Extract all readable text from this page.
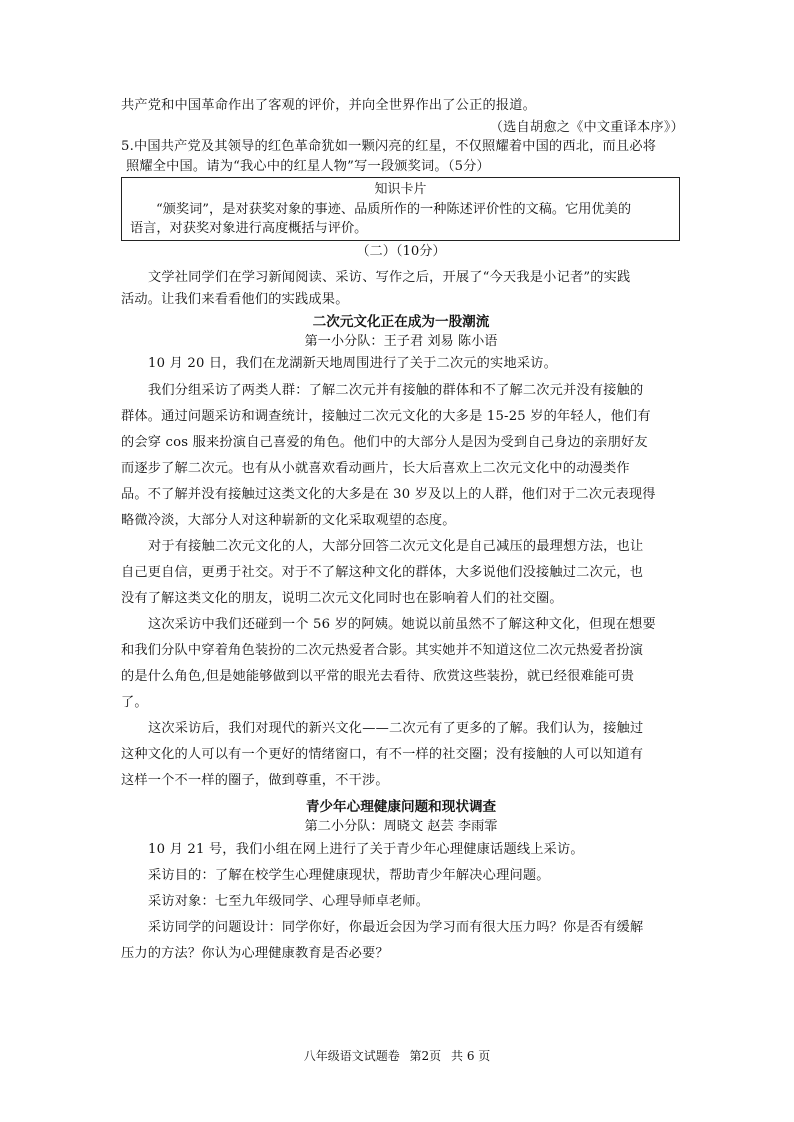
共产党和中国革命作出了客观的评价，并向全世界作出了公正的报道。
（选自胡愈之《中文重译本序》）
5.中国共产党及其领导的红色革命犹如一颗闪亮的红星，不仅照耀着中国的西北，而且必将
照耀全中国。请为“我心中的红星人物”写一段颁奖词。（5分）
知识卡片
“颁奖词”，是对获奖对象的事迹、品质所作的一种陈述评价性的文稿。它用优美的
语言，对获奖对象进行高度概括与评价。
（二）（10分）
文学社同学们在学习新闻阅读、采访、写作之后，开展了“今天我是小记者”的实践
活动。让我们来看看他们的实践成果。
二次元文化正在成为一股潮流
第一小分队：王子君 刘易 陈小语
10 月 20 日，我们在龙湖新天地周围进行了关于二次元的实地采访。
我们分组采访了两类人群：了解二次元并有接触的群体和不了解二次元并没有接触的
群体。通过问题采访和调查统计，接触过二次元文化的大多是 15-25 岁的年轻人，他们有
的会穿 cos 服来扮演自己喜爱的角色。他们中的大部分人是因为受到自己身边的亲朋好友
而逐步了解二次元。也有从小就喜欢看动画片，长大后喜欢上二次元文化中的动漫类作
品。不了解并没有接触过这类文化的大多是在 30 岁及以上的人群，他们对于二次元表现得
略微冷淡，大部分人对这种崭新的文化采取观望的态度。
对于有接触二次元文化的人，大部分回答二次元文化是自己减压的最理想方法，也让
自己更自信，更勇于社交。对于不了解这种文化的群体，大多说他们没接触过二次元，也
没有了解这类文化的朋友，说明二次元文化同时也在影响着人们的社交圈。
这次采访中我们还碰到一个 56 岁的阿姨。她说以前虽然不了解这种文化，但现在想要
和我们分队中穿着角色装扮的二次元热爱者合影。其实她并不知道这位二次元热爱者扮演
的是什么角色,但是她能够做到以平常的眼光去看待、欣赏这些装扮，就已经很难能可贵
了。
这次采访后，我们对现代的新兴文化——二次元有了更多的了解。我们认为，接触过
这种文化的人可以有一个更好的情绪窗口，有不一样的社交圈；没有接触的人可以知道有
这样一个不一样的圈子，做到尊重，不干涉。
青少年心理健康问题和现状调查
第二小分队：周晓文 赵芸 李雨霏
10 月 21 号，我们小组在网上进行了关于青少年心理健康话题线上采访。
采访目的：了解在校学生心理健康现状，帮助青少年解决心理问题。
采访对象：七至九年级同学、心理导师卓老师。
采访同学的问题设计：同学你好，你最近会因为学习而有很大压力吗？你是否有缓解
压力的方法？你认为心理健康教育是否必要？
八年级语文试题卷 第2页 共 6 页
